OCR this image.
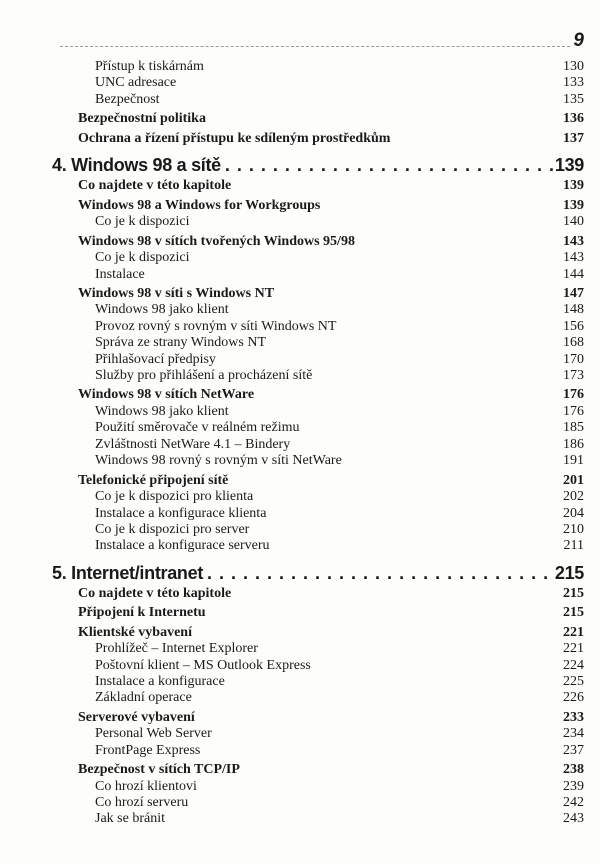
9
Přístup k tiskárnám	130
UNC adresace	133
Bezpečnost	135
Bezpečnostní politika	136
Ochrana a řízení přístupu ke sdíleným prostředkům	137
4. Windows 98 a sítě . . .	139
Co najdete v této kapitole	139
Windows 98 a Windows for Workgroups	139
Co je k dispozici	140
Windows 98 v sítích tvořených Windows 95/98	143
Co je k dispozici	143
Instalace	144
Windows 98 v síti s Windows NT	147
Windows 98 jako klient	148
Provoz rovný s rovným v síti Windows NT	156
Správa ze strany Windows NT	168
Přihlašovací předpisy	170
Služby pro přihlášení a procházení sítě	173
Windows 98 v sítích NetWare	176
Windows 98 jako klient	176
Použití směrovače v reálném režimu	185
Zvláštnosti NetWare 4.1 – Bindery	186
Windows 98 rovný s rovným v síti NetWare	191
Telefonické připojení sítě	201
Co je k dispozici pro klienta	202
Instalace a konfigurace klienta	204
Co je k dispozici pro server	210
Instalace a konfigurace serveru	211
5. Internet/intranet . . .	215
Co najdete v této kapitole	215
Připojení k Internetu	215
Klientské vybavení	221
Prohlížeč – Internet Explorer	221
Poštovní klient – MS Outlook Express	224
Instalace a konfigurace	225
Základní operace	226
Serverové vybavení	233
Personal Web Server	234
FrontPage Express	237
Bezpečnost v sítích TCP/IP	238
Co hrozí klientovi	239
Co hrozí serveru	242
Jak se bránit	243
